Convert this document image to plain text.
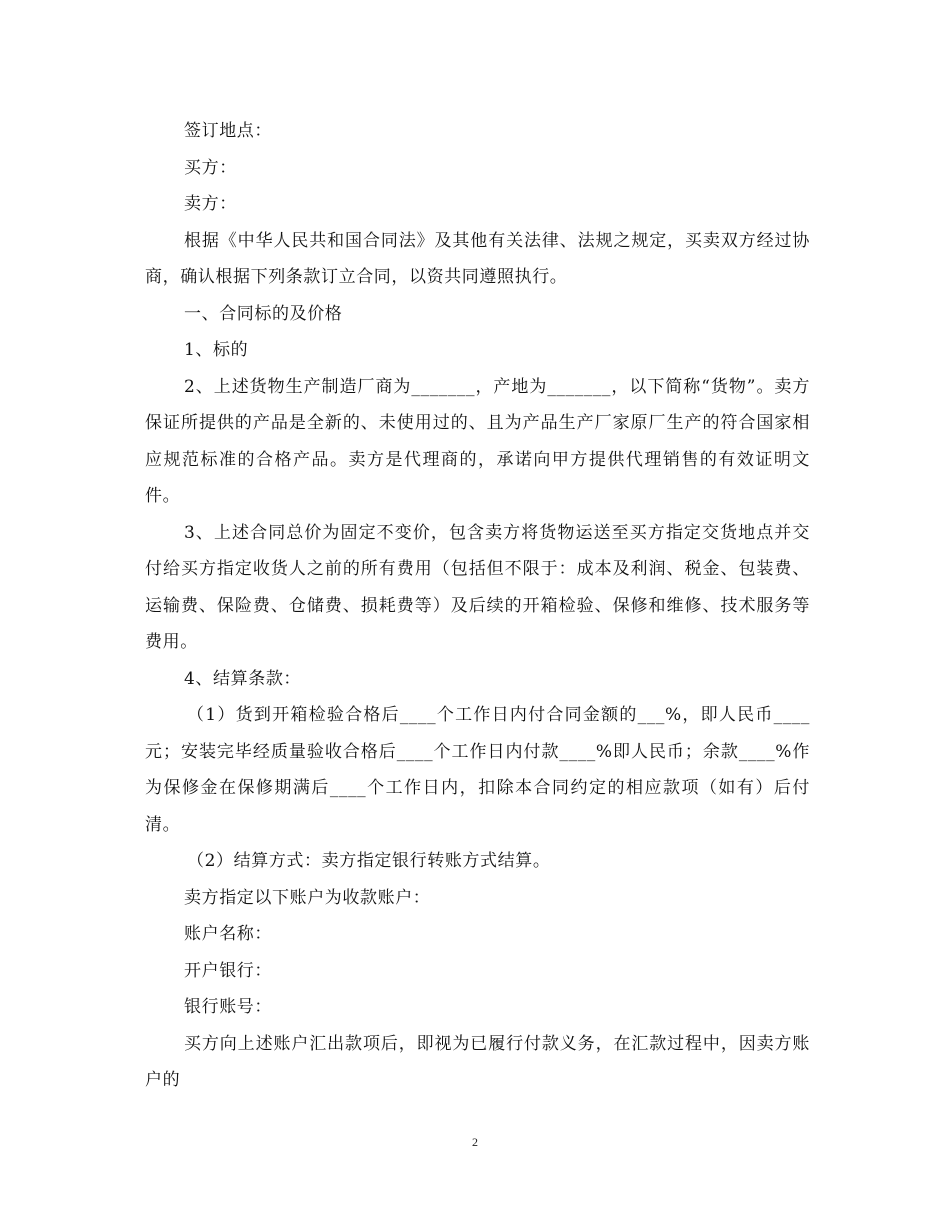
签订地点：

买方：

卖方：

根据《中华人民共和国合同法》及其他有关法律、法规之规定，买卖双方经过协商，确认根据下列条款订立合同，以资共同遵照执行。

一、合同标的及价格

1、标的

2、上述货物生产制造厂商为_______，产地为_______，以下简称“货物”。卖方保证所提供的产品是全新的、未使用过的、且为产品生产厂家原厂生产的符合国家相应规范标准的合格产品。卖方是代理商的，承诺向甲方提供代理销售的有效证明文件。

3、上述合同总价为固定不变价，包含卖方将货物运送至买方指定交货地点并交付给买方指定收货人之前的所有费用（包括但不限于：成本及利润、税金、包装费、运输费、保险费、仓储费、损耗费等）及后续的开箱检验、保修和维修、技术服务等费用。

4、结算条款：

（1）货到开箱检验合格后____个工作日内付合同金额的___%，即人民币____元；安装完毕经质量验收合格后____个工作日内付款____%即人民币；余款____%作为保修金在保修期满后____个工作日内，扣除本合同约定的相应款项（如有）后付清。

（2）结算方式：卖方指定银行转账方式结算。

卖方指定以下账户为收款账户：

账户名称：

开户银行：

银行账号：

买方向上述账户汇出款项后，即视为已履行付款义务，在汇款过程中，因卖方账户的

2
